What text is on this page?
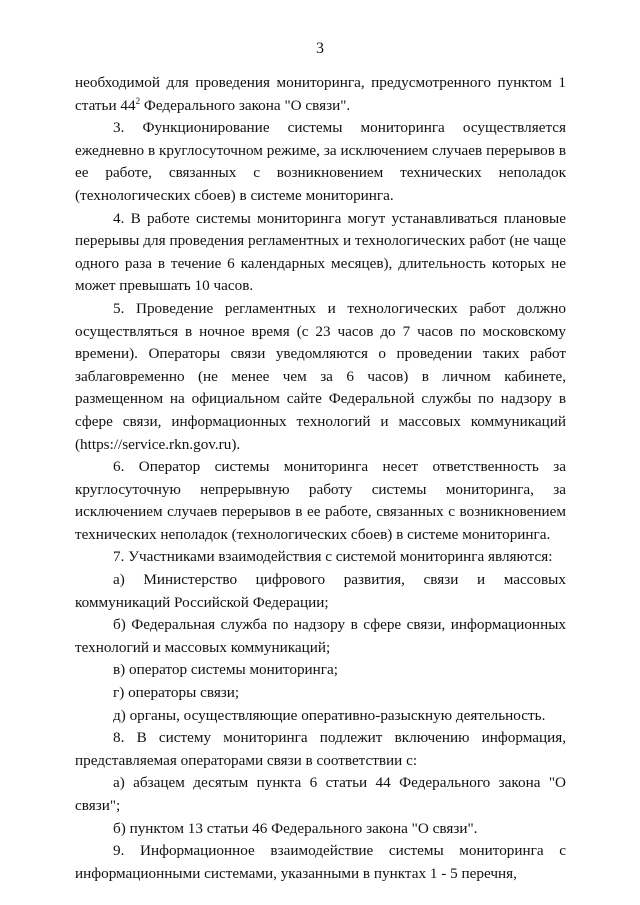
3

необходимой для проведения мониторинга, предусмотренного пунктом 1 статьи $44^2$ Федерального закона "О связи".

3. Функционирование системы мониторинга осуществляется ежедневно в круглосуточном режиме, за исключением случаев перерывов в ее работе, связанных с возникновением технических неполадок (технологических сбоев) в системе мониторинга.

4. В работе системы мониторинга могут устанавливаться плановые перерывы для проведения регламентных и технологических работ (не чаще одного раза в течение 6 календарных месяцев), длительность которых не может превышать 10 часов.

5. Проведение регламентных и технологических работ должно осуществляться в ночное время (с 23 часов до 7 часов по московскому времени). Операторы связи уведомляются о проведении таких работ заблаговременно (не менее чем за 6 часов) в личном кабинете, размещенном на официальном сайте Федеральной службы по надзору в сфере связи, информационных технологий и массовых коммуникаций (https://service.rkn.gov.ru).

6. Оператор системы мониторинга несет ответственность за круглосуточную непрерывную работу системы мониторинга, за исключением случаев перерывов в ее работе, связанных с возникновением технических неполадок (технологических сбоев) в системе мониторинга.

7. Участниками взаимодействия с системой мониторинга являются:

а) Министерство цифрового развития, связи и массовых коммуникаций Российской Федерации;

б) Федеральная служба по надзору в сфере связи, информационных технологий и массовых коммуникаций;

в) оператор системы мониторинга;

г) операторы связи;

д) органы, осуществляющие оперативно-разыскную деятельность.

8. В систему мониторинга подлежит включению информация, представляемая операторами связи в соответствии с:

а) абзацем десятым пункта 6 статьи 44 Федерального закона "О связи";

б) пунктом 13 статьи 46 Федерального закона "О связи".

9. Информационное взаимодействие системы мониторинга с информационными системами, указанными в пунктах 1 - 5 перечня,
